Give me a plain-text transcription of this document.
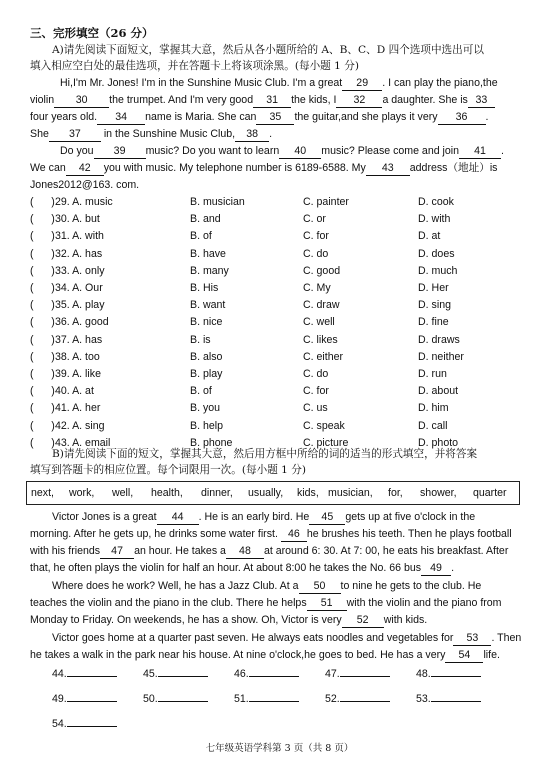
三、完形填空（26 分）
A)请先阅读下面短文，掌握其大意，然后从各小题所给的 A、B、C、D 四个选项中选出可以
填入相应空白处的最佳选项，并在答题卡上将该项涂黑。(每小题 1 分)
Hi,I'm Mr. Jones! I'm in the Sunshine Music Club. I'm a great 29 . I can play the piano,the
violin 30 the trumpet. And I'm very good 31 the kids, I 32 a daughter. She is 33
four years old. 34 name is Maria. She can 35 the guitar,and she plays it very 36 .
She 37 in the Sunshine Music Club, 38 .
Do you 39 music? Do you want to learn 40 music? Please come and join 41 .
We can 42 you with music. My telephone number is 6189-6588. My 43 address（地址）is
Jones2012@163. com.
(      ) 29. A. music	B. musician	C. painter	D. cook
(      ) 30. A. but	B. and	C. or	D. with
(      ) 31. A. with	B. of	C. for	D. at
(      ) 32. A. has	B. have	C. do	D. does
(      ) 33. A. only	B. many	C. good	D. much
(      ) 34. A. Our	B. His	C. My	D. Her
(      ) 35. A. play	B. want	C. draw	D. sing
(      ) 36. A. good	B. nice	C. well	D. fine
(      ) 37. A. has	B. is	C. likes	D. draws
(      ) 38. A. too	B. also	C. either	D. neither
(      ) 39. A. like	B. play	C. do	D. run
(      ) 40. A. at	B. of	C. for	D. about
(      ) 41. A. her	B. you	C. us	D. him
(      ) 42. A. sing	B. help	C. speak	D. call
(      ) 43. A. email	B. phone	C. picture	D. photo
B)请先阅读下面的短文，掌握其大意，然后用方框中所给的词的适当的形式填空，并将答案
填写到答题卡的相应位置。每个词限用一次。(每小题 1 分)
next, work, well, health, dinner, usually, kids, musician, for, shower, quarter
Victor Jones is a great 44 . He is an early bird. He 45 gets up at five o'clock in the
morning. After he gets up, he drinks some water first. 46 he brushes his teeth. Then he plays football
with his friends 47 an hour. He takes a 48 at around 6: 30. At 7: 00, he eats his breakfast. After
that, he often plays the violin for half an hour. At about 8:00 he takes the No. 66 bus 49 .
Where does he work? Well, he has a Jazz Club. At a 50 to nine he gets to the club. He
teaches the violin and the piano in the club. There he helps 51 with the violin and the piano from
Monday to Friday. On weekends, he has a show. Oh, Victor is very 52 with kids.
Victor goes home at a quarter past seven. He always eats noodles and vegetables for 53 . Then
he takes a walk in the park near his house. At nine o'clock,he goes to bed. He has a very 54 life.
44.	45.	46.	47.	48.
49.	50.	51.	52.	53.
54.
七年级英语学科第 3 页（共 8 页）
